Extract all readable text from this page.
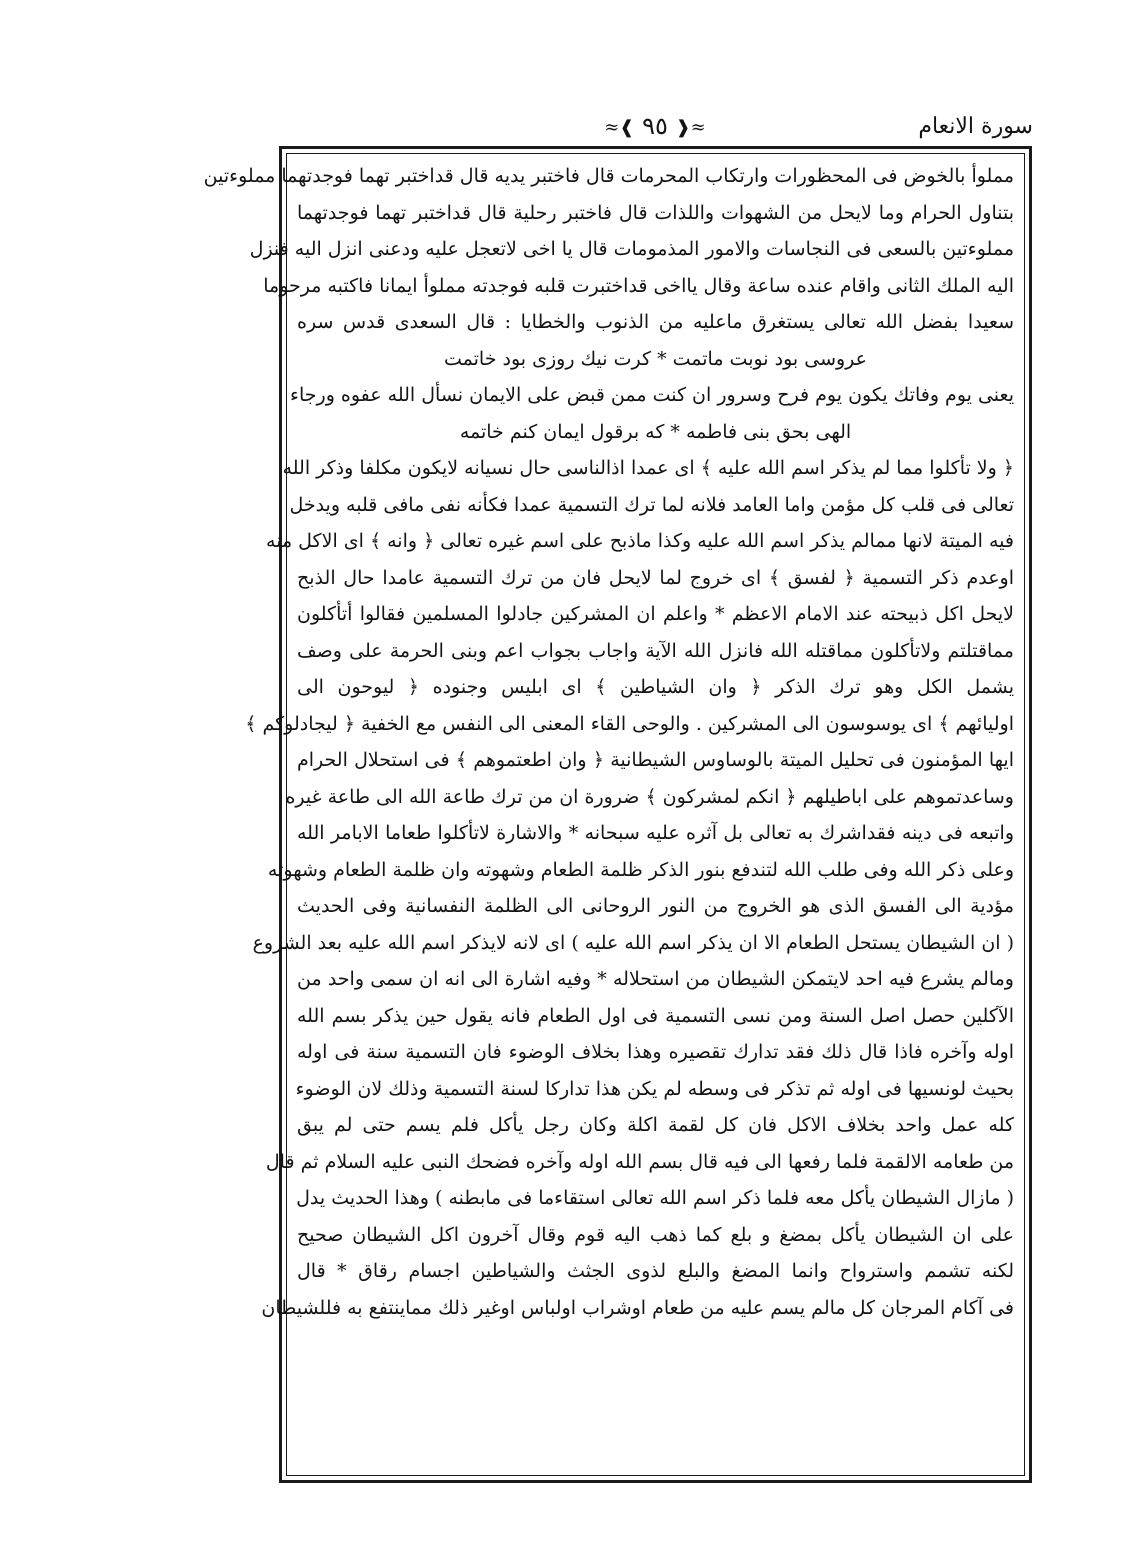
≈❰ ٩٥ ❱≈	سورة الانعام
مملوأ بالخوض فى المحظورات وارتكاب المحرمات قال فاختبر يديه قال قداختبر تهما فوجدتهما مملوءتين
بتناول الحرام وما لايحل من الشهوات واللذات قال فاختبر رحلية قال قداختبر تهما فوجدتهما
مملوءتين بالسعى فى النجاسات والامور المذمومات قال يا اخى لاتعجل عليه ودعنى انزل اليه فنزل
اليه الملك الثانى واقام عنده ساعة وقال يااخى قداختبرت قلبه فوجدته مملوأ ايمانا فاكتبه مرحوما
سعيدا بفضل الله تعالى يستغرق ماعليه من الذنوب والخطايا : قال السعدى قدس سره
عروسى بود نوبت ماتمت * كرت نيك روزى بود خاتمت
يعنى يوم وفاتك يكون يوم فرح وسرور ان كنت ممن قبض على الايمان نسأل الله عفوه ورجاء
الهى بحق بنى فاطمه * كه برقول ايمان كنم خاتمه
﴿ ولا تأكلوا مما لم يذكر اسم الله عليه ﴾ اى عمدا اذالناسى حال نسيانه لايكون مكلفا وذكر الله
تعالى فى قلب كل مؤمن واما العامد فلانه لما ترك التسمية عمدا فكأنه نفى مافى قلبه ويدخل
فيه الميتة لانها ممالم يذكر اسم الله عليه وكذا ماذبح على اسم غيره تعالى ﴿ وانه ﴾ اى الاكل منه
اوعدم ذكر التسمية ﴿ لفسق ﴾ اى خروج لما لايحل فان من ترك التسمية عامدا حال الذبح
لايحل اكل ذبيحته عند الامام الاعظم * واعلم ان المشركين جادلوا المسلمين فقالوا أتأكلون
مماقتلتم ولاتأكلون مماقتله الله فانزل الله الآية واجاب بجواب اعم وبنى الحرمة على وصف
يشمل الكل وهو ترك الذكر ﴿ وان الشياطين ﴾ اى ابليس وجنوده ﴿ ليوحون الى
اوليائهم ﴾ اى يوسوسون الى المشركين . والوحى القاء المعنى الى النفس مع الخفية ﴿ ليجادلوكم ﴾
ايها المؤمنون فى تحليل الميتة بالوساوس الشيطانية ﴿ وان اطعتموهم ﴾ فى استحلال الحرام
وساعدتموهم على اباطيلهم ﴿ انكم لمشركون ﴾ ضرورة ان من ترك طاعة الله الى طاعة غيره
واتبعه فى دينه فقداشرك به تعالى بل آثره عليه سبحانه * والاشارة لاتأكلوا طعاما الابامر الله
وعلى ذكر الله وفى طلب الله لتندفع بنور الذكر ظلمة الطعام وشهوته وان ظلمة الطعام وشهوته
مؤدية الى الفسق الذى هو الخروج من النور الروحانى الى الظلمة النفسانية وفى الحديث
( ان الشيطان يستحل الطعام الا ان يذكر اسم الله عليه ) اى لانه لايذكر اسم الله عليه بعد الشروع
ومالم يشرع فيه احد لايتمكن الشيطان من استحلاله * وفيه اشارة الى انه ان سمى واحد من
الآكلين حصل اصل السنة ومن نسى التسمية فى اول الطعام فانه يقول حين يذكر بسم الله
اوله وآخره فاذا قال ذلك فقد تدارك تقصيره وهذا بخلاف الوضوء فان التسمية سنة فى اوله
بحيث لونسيها فى اوله ثم تذكر فى وسطه لم يكن هذا تداركا لسنة التسمية وذلك لان الوضوء
كله عمل واحد بخلاف الاكل فان كل لقمة اكلة وكان رجل يأكل فلم يسم حتى لم يبق
من طعامه الالقمة فلما رفعها الى فيه قال بسم الله اوله وآخره فضحك النبى عليه السلام ثم قال
( مازال الشيطان يأكل معه فلما ذكر اسم الله تعالى استقاءما فى مابطنه ) وهذا الحديث يدل
على ان الشيطان يأكل بمضغ و بلع كما ذهب اليه قوم وقال آخرون اكل الشيطان صحيح
لكنه تشمم واسترواح وانما المضغ والبلع لذوى الجثث والشياطين اجسام رقاق * قال
فى آكام المرجان كل مالم يسم عليه من طعام اوشراب اولباس اوغير ذلك مماينتفع به فللشيطان
